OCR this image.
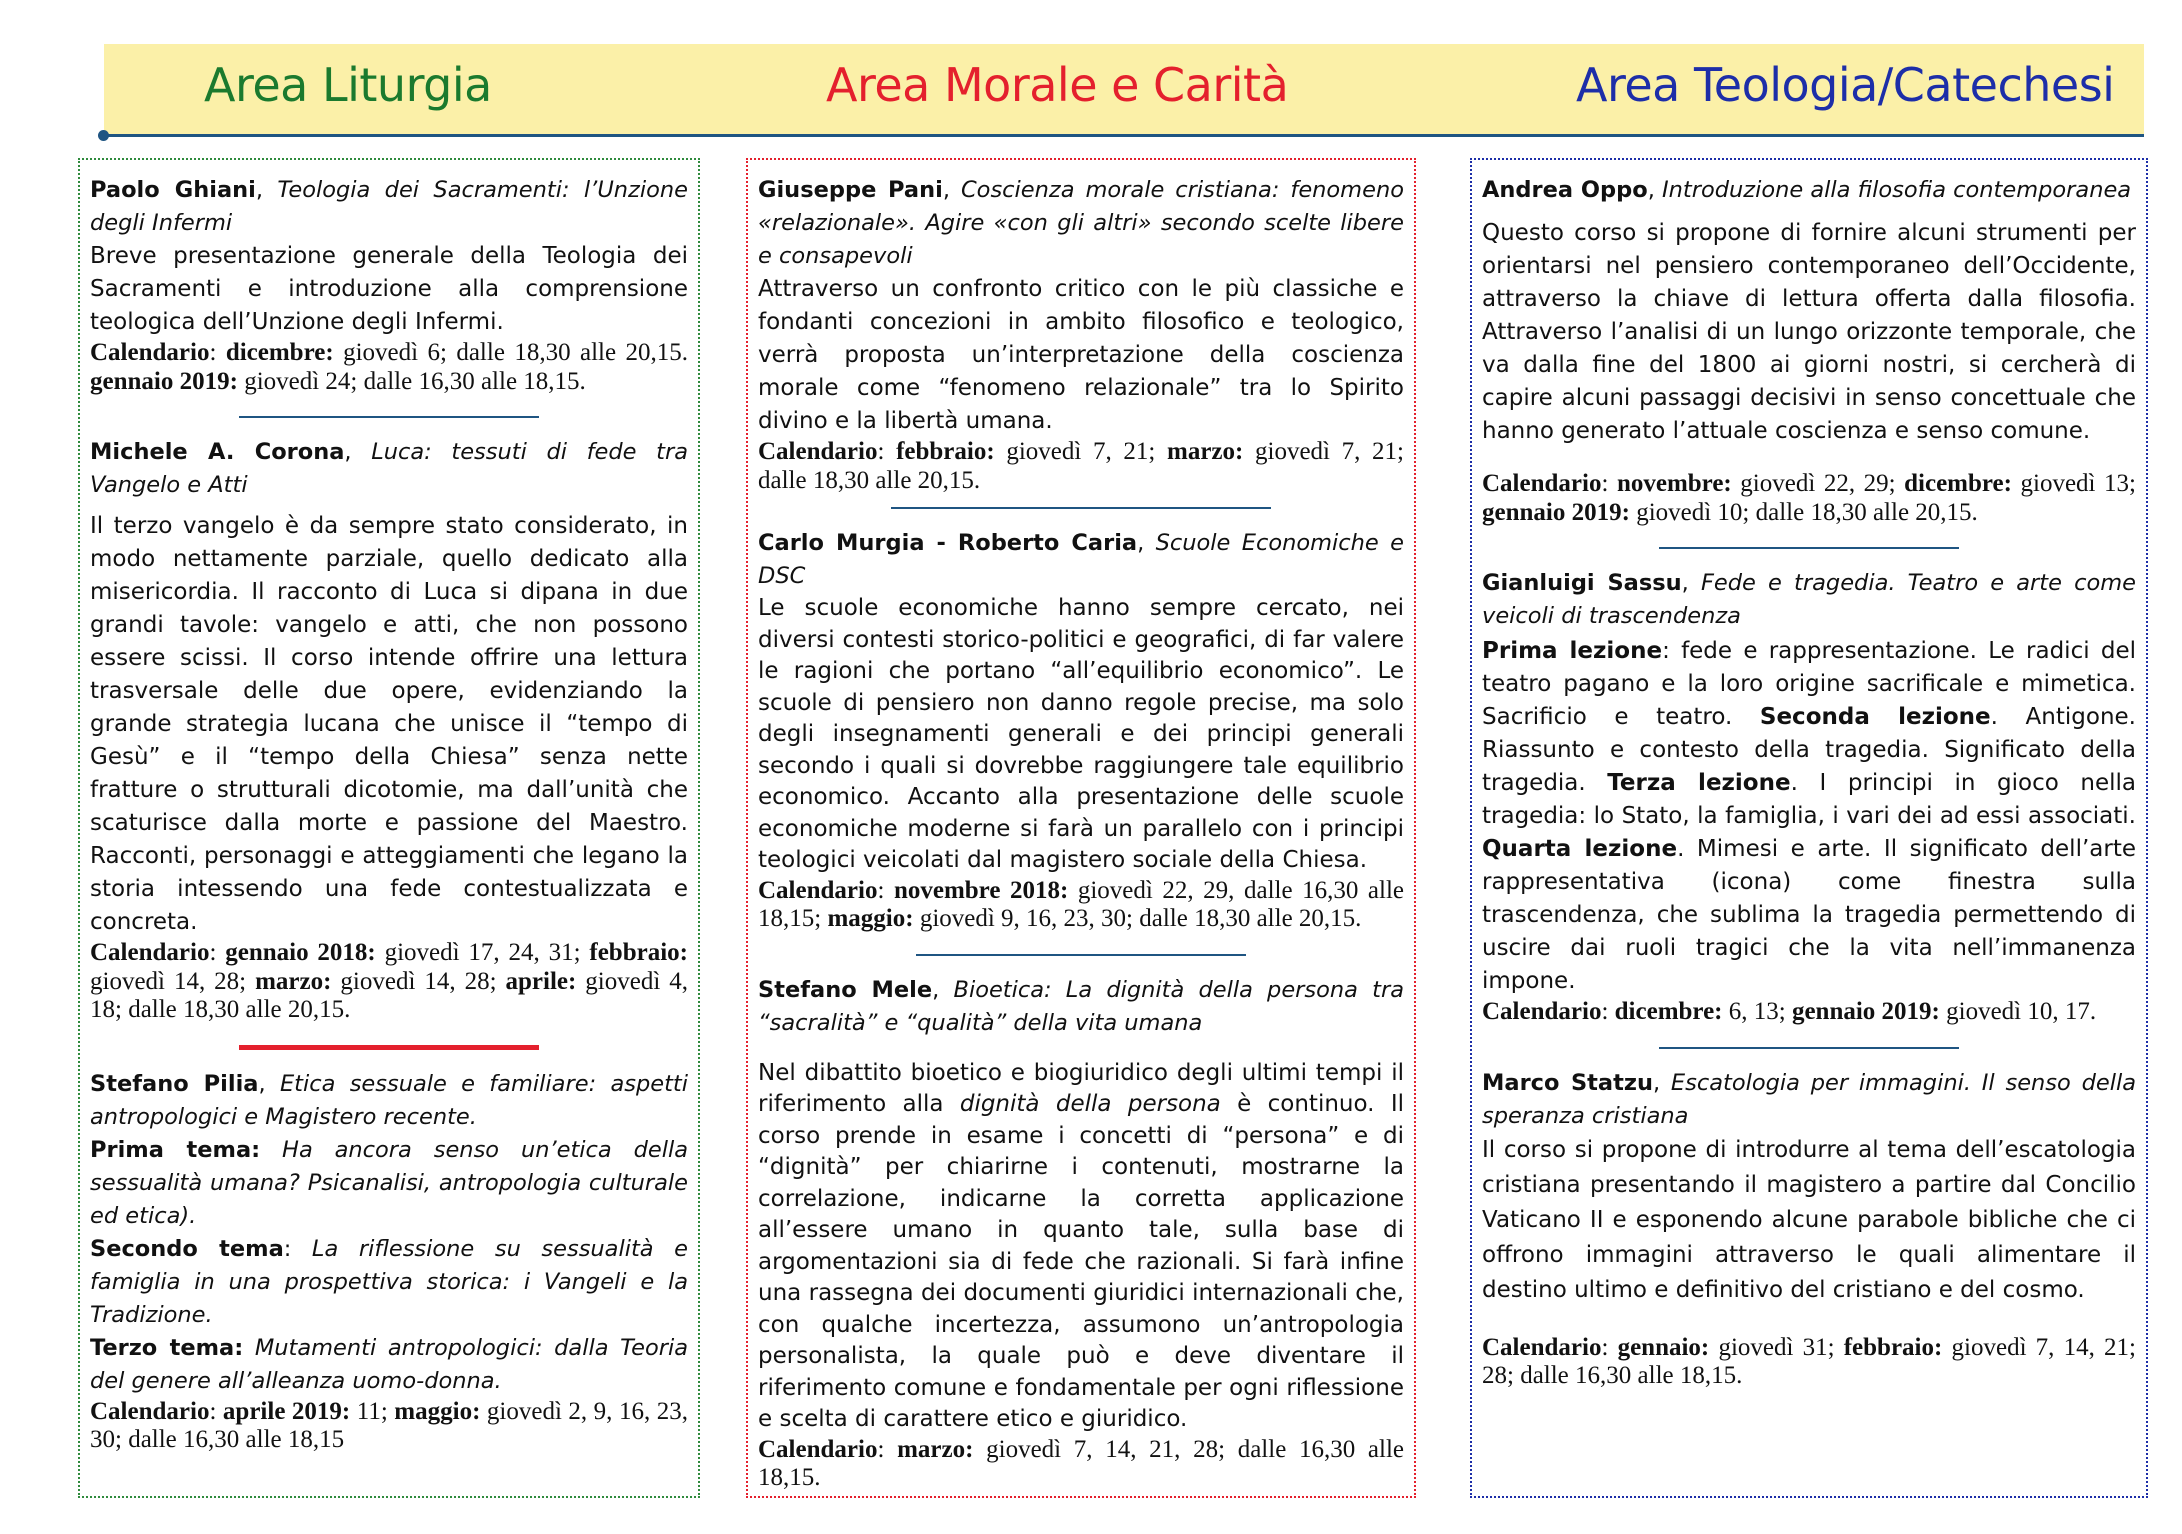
Area Liturgia	Area Morale e Carità	Area Teologia/Catechesi

Paolo Ghiani, Teologia dei Sacramenti: l’Unzione degli Infermi

Breve presentazione generale della Teologia dei Sacramenti e introduzione alla comprensione teologica dell’Unzione degli Infermi.

Calendario: dicembre: giovedì 6; dalle 18,30 alle 20,15. gennaio 2019: giovedì 24; dalle 16,30 alle 18,15.

Michele A. Corona, Luca: tessuti di fede tra Vangelo e Atti

Il terzo vangelo è da sempre stato considerato, in modo nettamente parziale, quello dedicato alla misericordia. Il racconto di Luca si dipana in due grandi tavole: vangelo e atti, che non possono essere scissi. Il corso intende offrire una lettura trasversale delle due opere, evidenziando la grande strategia lucana che unisce il “tempo di Gesù” e il “tempo della Chiesa” senza nette fratture o strutturali dicotomie, ma dall’unità che scaturisce dalla morte e passione del Maestro. Racconti, personaggi e atteggiamenti che legano la storia intessendo una fede contestualizzata e concreta.

Calendario: gennaio 2018: giovedì 17, 24, 31; febbraio: giovedì 14, 28; marzo: giovedì 14, 28; aprile: giovedì 4, 18; dalle 18,30 alle 20,15.

Stefano Pilia, Etica sessuale e familiare: aspetti antropologici e Magistero recente.

Prima tema: Ha ancora senso un’etica della sessualità umana? Psicanalisi, antropologia culturale ed etica).

Secondo tema: La riflessione su sessualità e famiglia in una prospettiva storica: i Vangeli e la Tradizione.

Terzo tema: Mutamenti antropologici: dalla Teoria del genere all’alleanza uomo-donna.

Calendario: aprile 2019: 11; maggio: giovedì 2, 9, 16, 23, 30; dalle 16,30 alle 18,15

Giuseppe Pani, Coscienza morale cristiana: fenomeno «relazionale». Agire «con gli altri» secondo scelte libere e consapevoli

Attraverso un confronto critico con le più classiche e fondanti concezioni in ambito filosofico e teologico, verrà proposta un’interpretazione della coscienza morale come “fenomeno relazionale” tra lo Spirito divino e la libertà umana.

Calendario: febbraio: giovedì 7, 21; marzo: giovedì 7, 21; dalle 18,30 alle 20,15.

Carlo Murgia - Roberto Caria, Scuole Economiche e DSC

Le scuole economiche hanno sempre cercato, nei diversi contesti storico-politici e geografici, di far valere le ragioni che portano “all’equilibrio economico”. Le scuole di pensiero non danno regole precise, ma solo degli insegnamenti generali e dei principi generali secondo i quali si dovrebbe raggiungere tale equilibrio economico. Accanto alla presentazione delle scuole economiche moderne si farà un parallelo con i principi teologici veicolati dal magistero sociale della Chiesa.

Calendario: novembre 2018: giovedì 22, 29, dalle 16,30 alle 18,15; maggio: giovedì 9, 16, 23, 30; dalle 18,30 alle 20,15.

Stefano Mele, Bioetica: La dignità della persona tra “sacralità” e “qualità” della vita umana

Nel dibattito bioetico e biogiuridico degli ultimi tempi il riferimento alla dignità della persona è continuo. Il corso prende in esame i concetti di “persona” e di “dignità” per chiarirne i contenuti, mostrarne la correlazione, indicarne la corretta applicazione all’essere umano in quanto tale, sulla base di argomentazioni sia di fede che razionali. Si farà infine una rassegna dei documenti giuridici internazionali che, con qualche incertezza, assumono un’antropologia personalista, la quale può e deve diventare il riferimento comune e fondamentale per ogni riflessione e scelta di carattere etico e giuridico.

Calendario: marzo: giovedì 7, 14, 21, 28; dalle 16,30 alle 18,15.

Andrea Oppo, Introduzione alla filosofia contemporanea

Questo corso si propone di fornire alcuni strumenti per orientarsi nel pensiero contemporaneo dell’Occidente, attraverso la chiave di lettura offerta dalla filosofia. Attraverso l’analisi di un lungo orizzonte temporale, che va dalla fine del 1800 ai giorni nostri, si cercherà di capire alcuni passaggi decisivi in senso concettuale che hanno generato l’attuale coscienza e senso comune.

Calendario: novembre: giovedì 22, 29; dicembre: giovedì 13; gennaio 2019: giovedì 10; dalle 18,30 alle 20,15.

Gianluigi Sassu, Fede e tragedia. Teatro e arte come veicoli di trascendenza

Prima lezione: fede e rappresentazione. Le radici del teatro pagano e la loro origine sacrificale e mimetica. Sacrificio e teatro. Seconda lezione. Antigone. Riassunto e contesto della tragedia. Significato della tragedia. Terza lezione. I principi in gioco nella tragedia: lo Stato, la famiglia, i vari dei ad essi associati. Quarta lezione. Mimesi e arte. Il significato dell’arte rappresentativa (icona) come finestra sulla trascendenza, che sublima la tragedia permettendo di uscire dai ruoli tragici che la vita nell’immanenza impone.

Calendario: dicembre: 6, 13; gennaio 2019: giovedì 10, 17.

Marco Statzu, Escatologia per immagini. Il senso della speranza cristiana

Il corso si propone di introdurre al tema dell’escatologia cristiana presentando il magistero a partire dal Concilio Vaticano II e esponendo alcune parabole bibliche che ci offrono immagini attraverso le quali alimentare il destino ultimo e definitivo del cristiano e del cosmo.

Calendario: gennaio: giovedì 31; febbraio: giovedì 7, 14, 21; 28; dalle 16,30 alle 18,15.
